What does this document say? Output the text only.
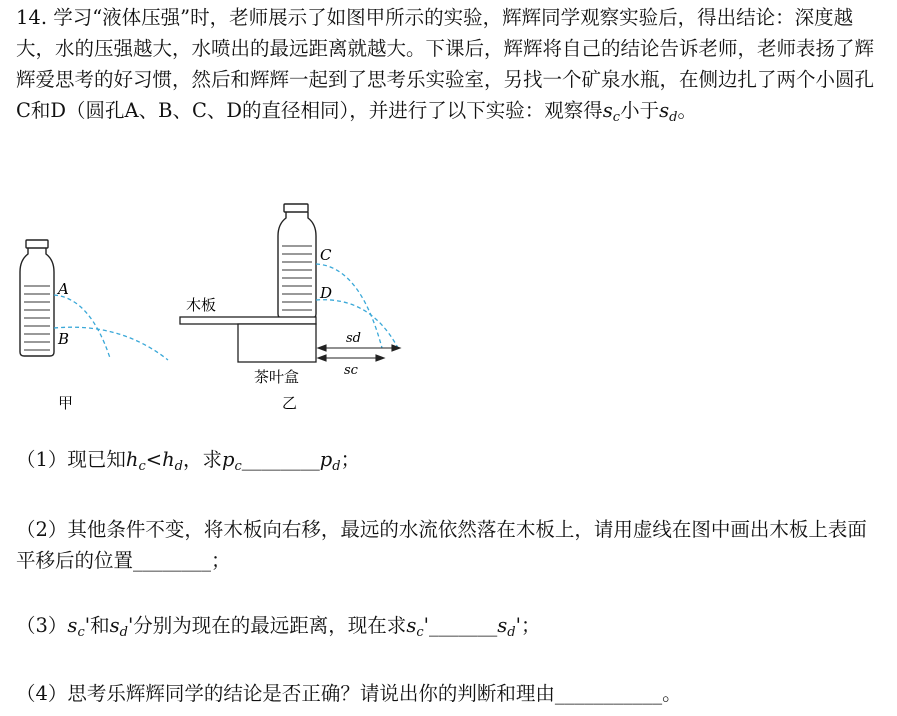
14. 学习“液体压强”时，老师展示了如图甲所示的实验，辉辉同学观察实验后，得出结论：深度越大，水的压强越大，水喷出的最远距离就越大。下课后，辉辉将自己的结论告诉老师，老师表扬了辉辉爱思考的好习惯，然后和辉辉一起到了思考乐实验室，另找一个矿泉水瓶，在侧边扎了两个小圆孔C和D（圆孔A、B、C、D的直径相同），并进行了以下实验：观察得$s_c$小于$s_d$。

A
B
甲
C
D
木板
茶叶盒
乙
sd
sc

（1）现已知$h_c<h_d$，求$p_c\_\_\_\_\_\_\_\_p_d$；

（2）其他条件不变，将木板向右移，最远的水流依然落在木板上，请用虚线在图中画出木板上表面平移后的位置________；

$(3)s_c'$和$s_d'$分别为现在的最远距离，现在求$s_c'\_\_\_\_\_\_\_s_d'$；

（4）思考乐辉辉同学的结论是否正确？请说出你的判断和理由___________。
